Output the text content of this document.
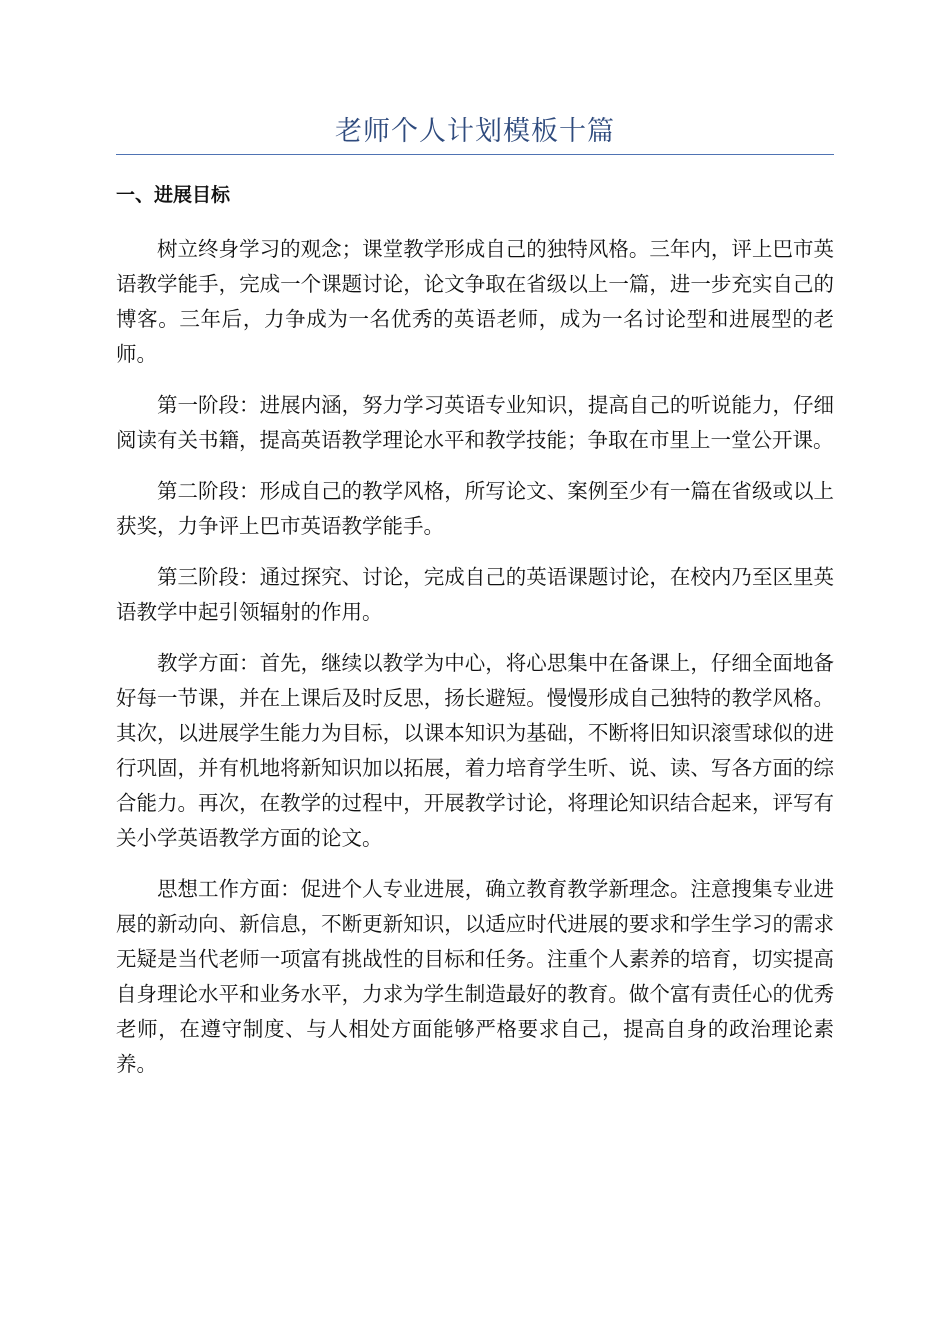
老师个人计划模板十篇
一、进展目标

树立终身学习的观念；课堂教学形成自己的独特风格。三年内，评上巴市英语教学能手，完成一个课题讨论，论文争取在省级以上一篇，进一步充实自己的博客。三年后，力争成为一名优秀的英语老师，成为一名讨论型和进展型的老师。

第一阶段：进展内涵，努力学习英语专业知识，提高自己的听说能力，仔细阅读有关书籍，提高英语教学理论水平和教学技能；争取在市里上一堂公开课。

第二阶段：形成自己的教学风格，所写论文、案例至少有一篇在省级或以上获奖，力争评上巴市英语教学能手。

第三阶段：通过探究、讨论，完成自己的英语课题讨论，在校内乃至区里英语教学中起引领辐射的作用。

教学方面：首先，继续以教学为中心，将心思集中在备课上，仔细全面地备好每一节课，并在上课后及时反思，扬长避短。慢慢形成自己独特的教学风格。其次，以进展学生能力为目标，以课本知识为基础，不断将旧知识滚雪球似的进行巩固，并有机地将新知识加以拓展，着力培育学生听、说、读、写各方面的综合能力。再次，在教学的过程中，开展教学讨论，将理论知识结合起来，评写有关小学英语教学方面的论文。

思想工作方面：促进个人专业进展，确立教育教学新理念。注意搜集专业进展的新动向、新信息，不断更新知识，以适应时代进展的要求和学生学习的需求无疑是当代老师一项富有挑战性的目标和任务。注重个人素养的培育，切实提高自身理论水平和业务水平，力求为学生制造最好的教育。做个富有责任心的优秀老师，在遵守制度、与人相处方面能够严格要求自己，提高自身的政治理论素养。
